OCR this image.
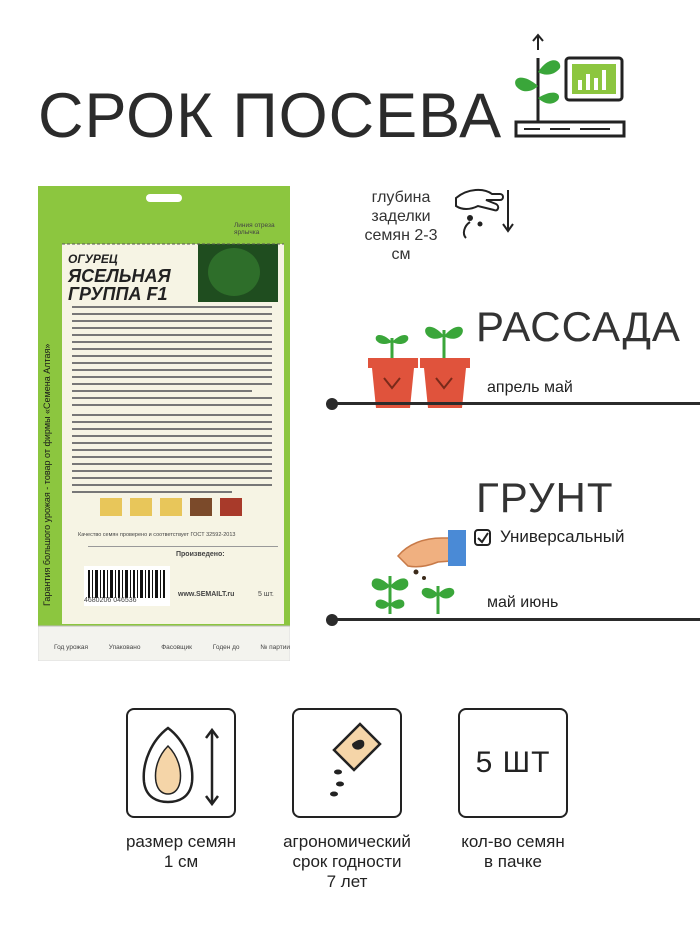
СРОК ПОСЕВА
ОГУРЕЦ
ЯСЕЛЬНАЯ
ГРУППА F1
Линия отреза ярлычка
Гарантия большого урожая - товар от фирмы «Семена Алтая»	Качество семян проверено и соответствует ГОСТ 32592-2013
Произведено:
4680206 046536
www.SEMAILT.ru	5 шт.
Год урожая	Упаковано	Фасовщик	Годен до	№ партии
глубина заделки семян 2-3 см
РАССАДА
апрель май
ГРУНТ
Универсальный
май июнь
размер семян
1 см
агрономический
срок годности
7 лет
5 ШТ
кол-во семян
в пачке
